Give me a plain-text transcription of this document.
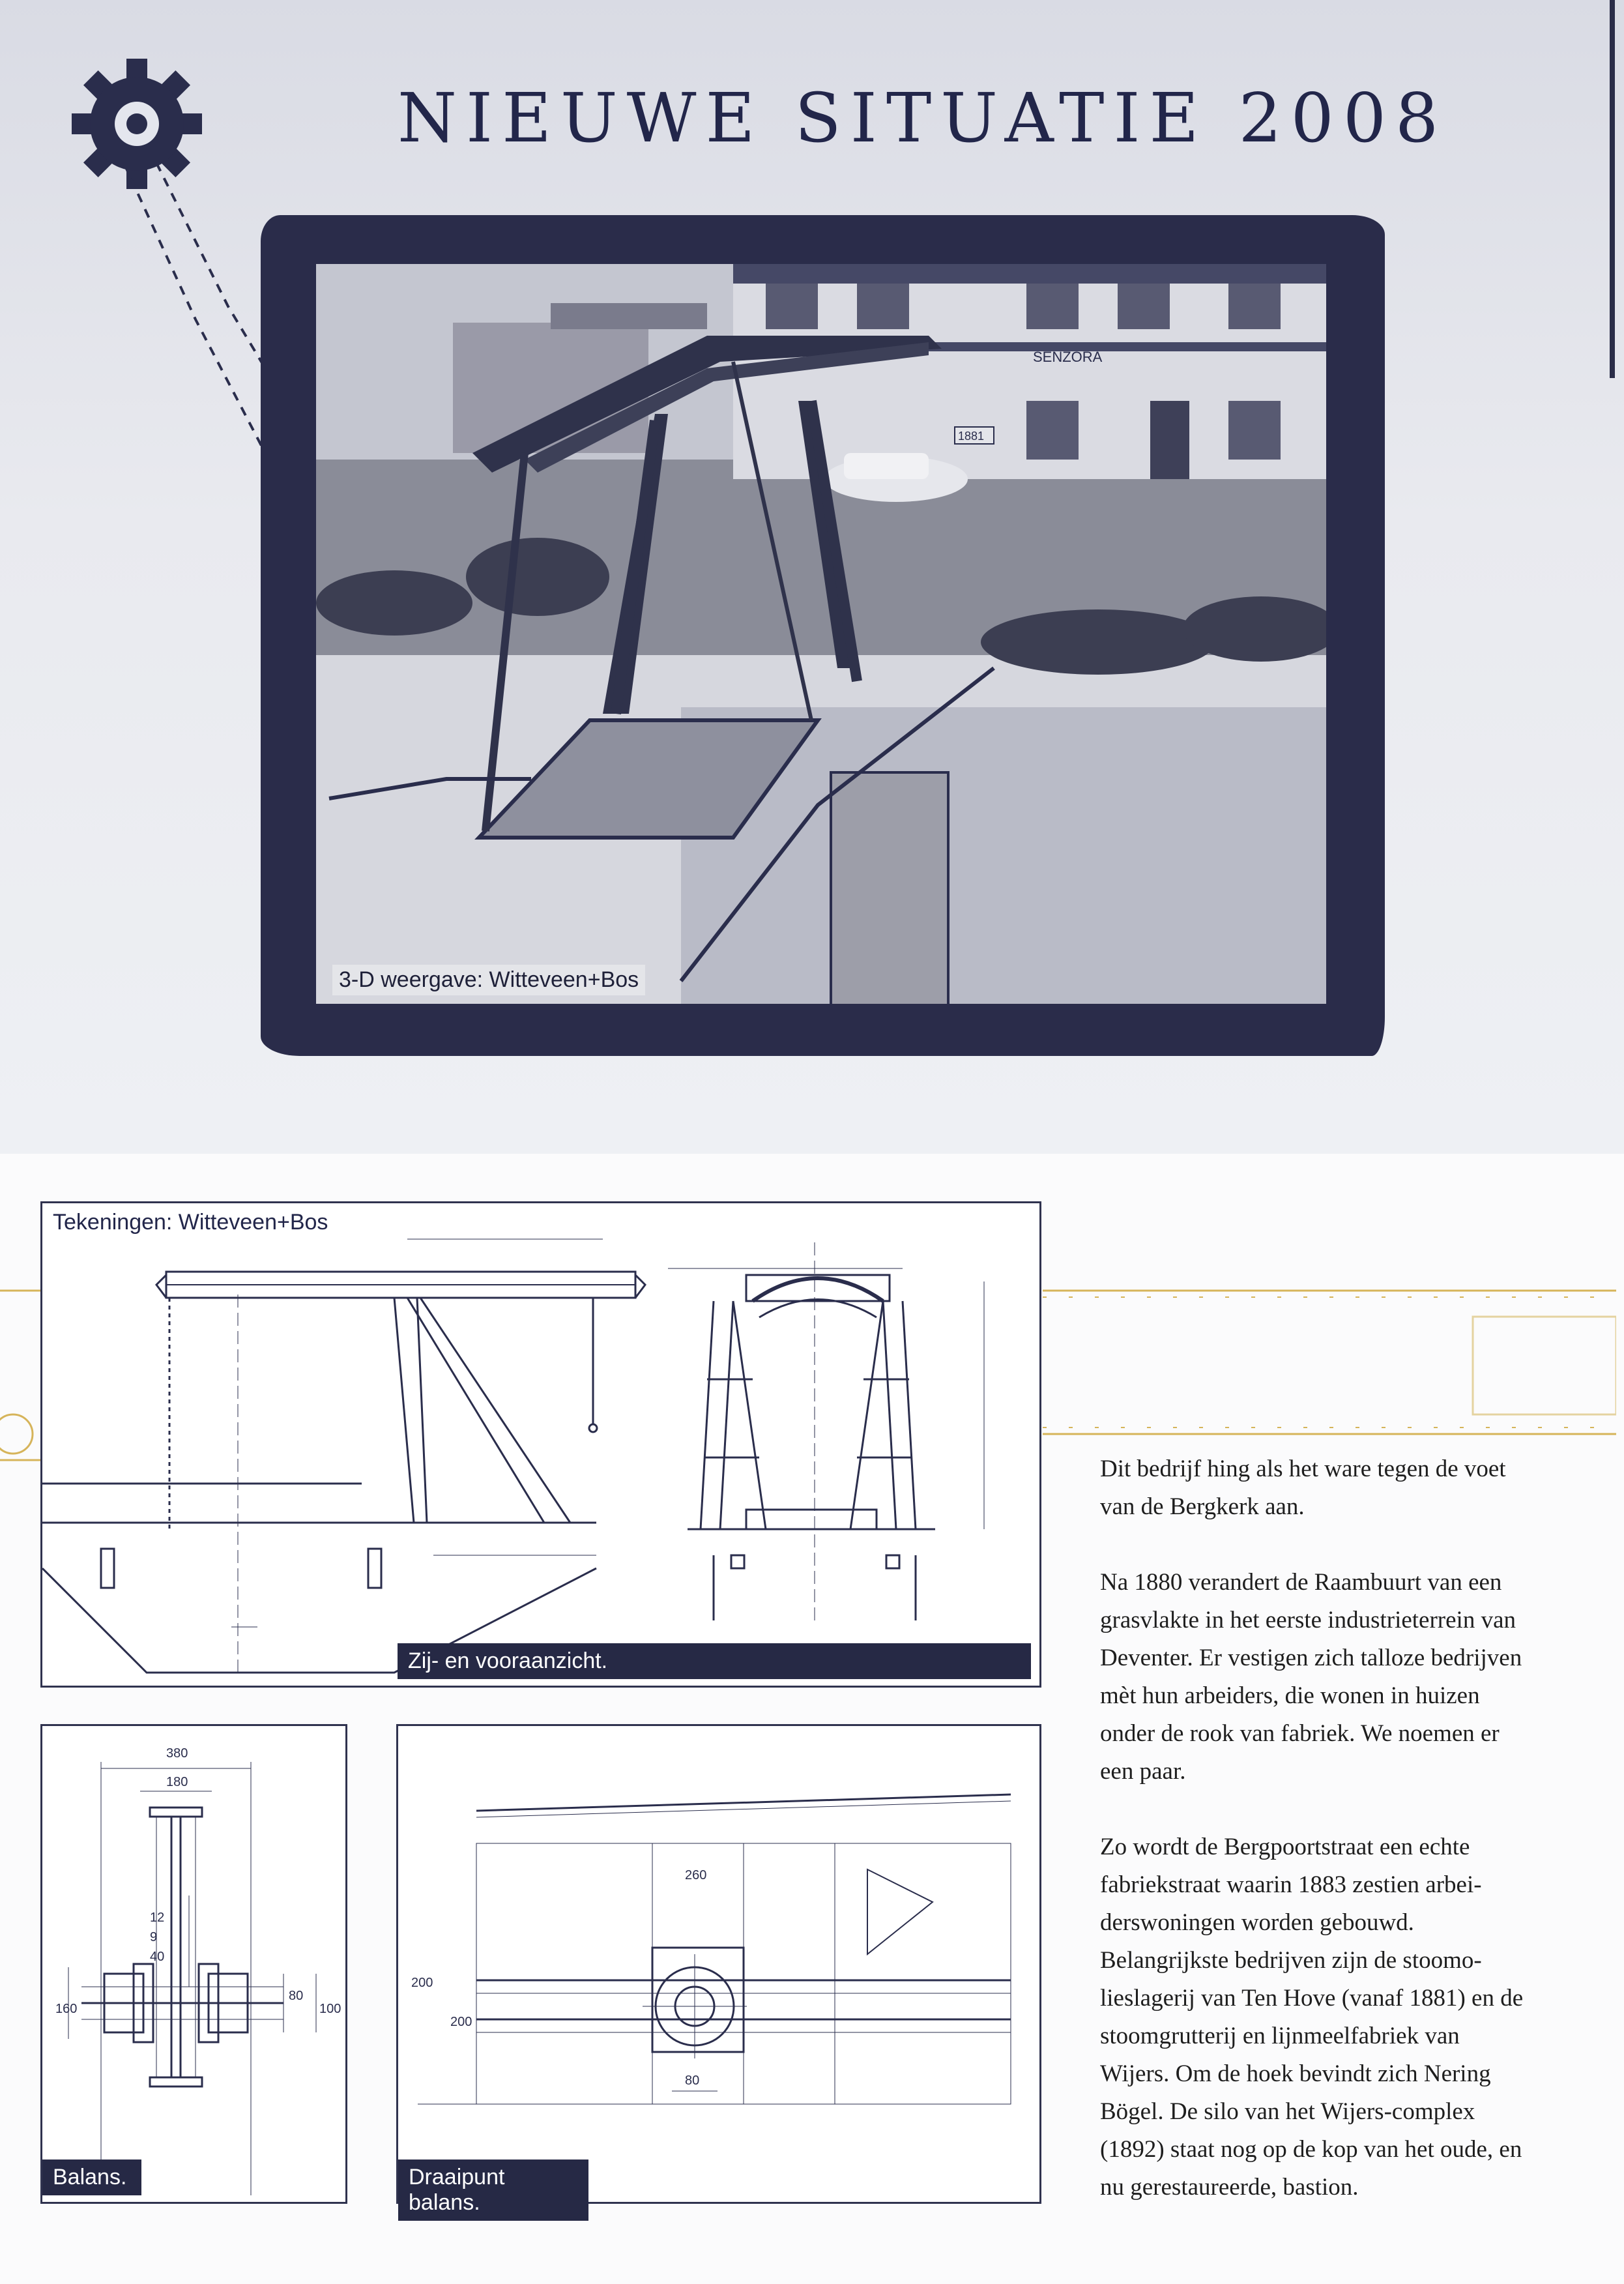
NIEUWE SITUATIE 2008
SENZORA
1881
3-D weergave: Witteveen+Bos
Tekeningen: Witteveen+Bos
Zij- en vooraanzicht.
380
180
12
9
40
160
80
100
Balans.
260
200
200
80
Draaipunt balans.

Dit bedrijf hing als het ware tegen de voet van de Bergkerk aan.

Na 1880 verandert de Raambuurt van een grasvlakte in het eerste industrieterrein van Deventer. Er vestigen zich talloze bedrijven mèt hun arbeiders, die wonen in huizen onder de rook van fabriek. We noemen er een paar.

Zo wordt de Bergpoortstraat een echte fabriekstraat waarin 1883 zestien arbeiderswoningen worden gebouwd. Belangrijkste bedrijven zijn de stoomolieslagerij van Ten Hove (vanaf 1881) en de stoomgrutterij en lijnmeelfabriek van Wijers. Om de hoek bevindt zich Nering Bögel. De silo van het Wijers-complex (1892) staat nog op de kop van het oude, en nu gerestaureerde, bastion.
